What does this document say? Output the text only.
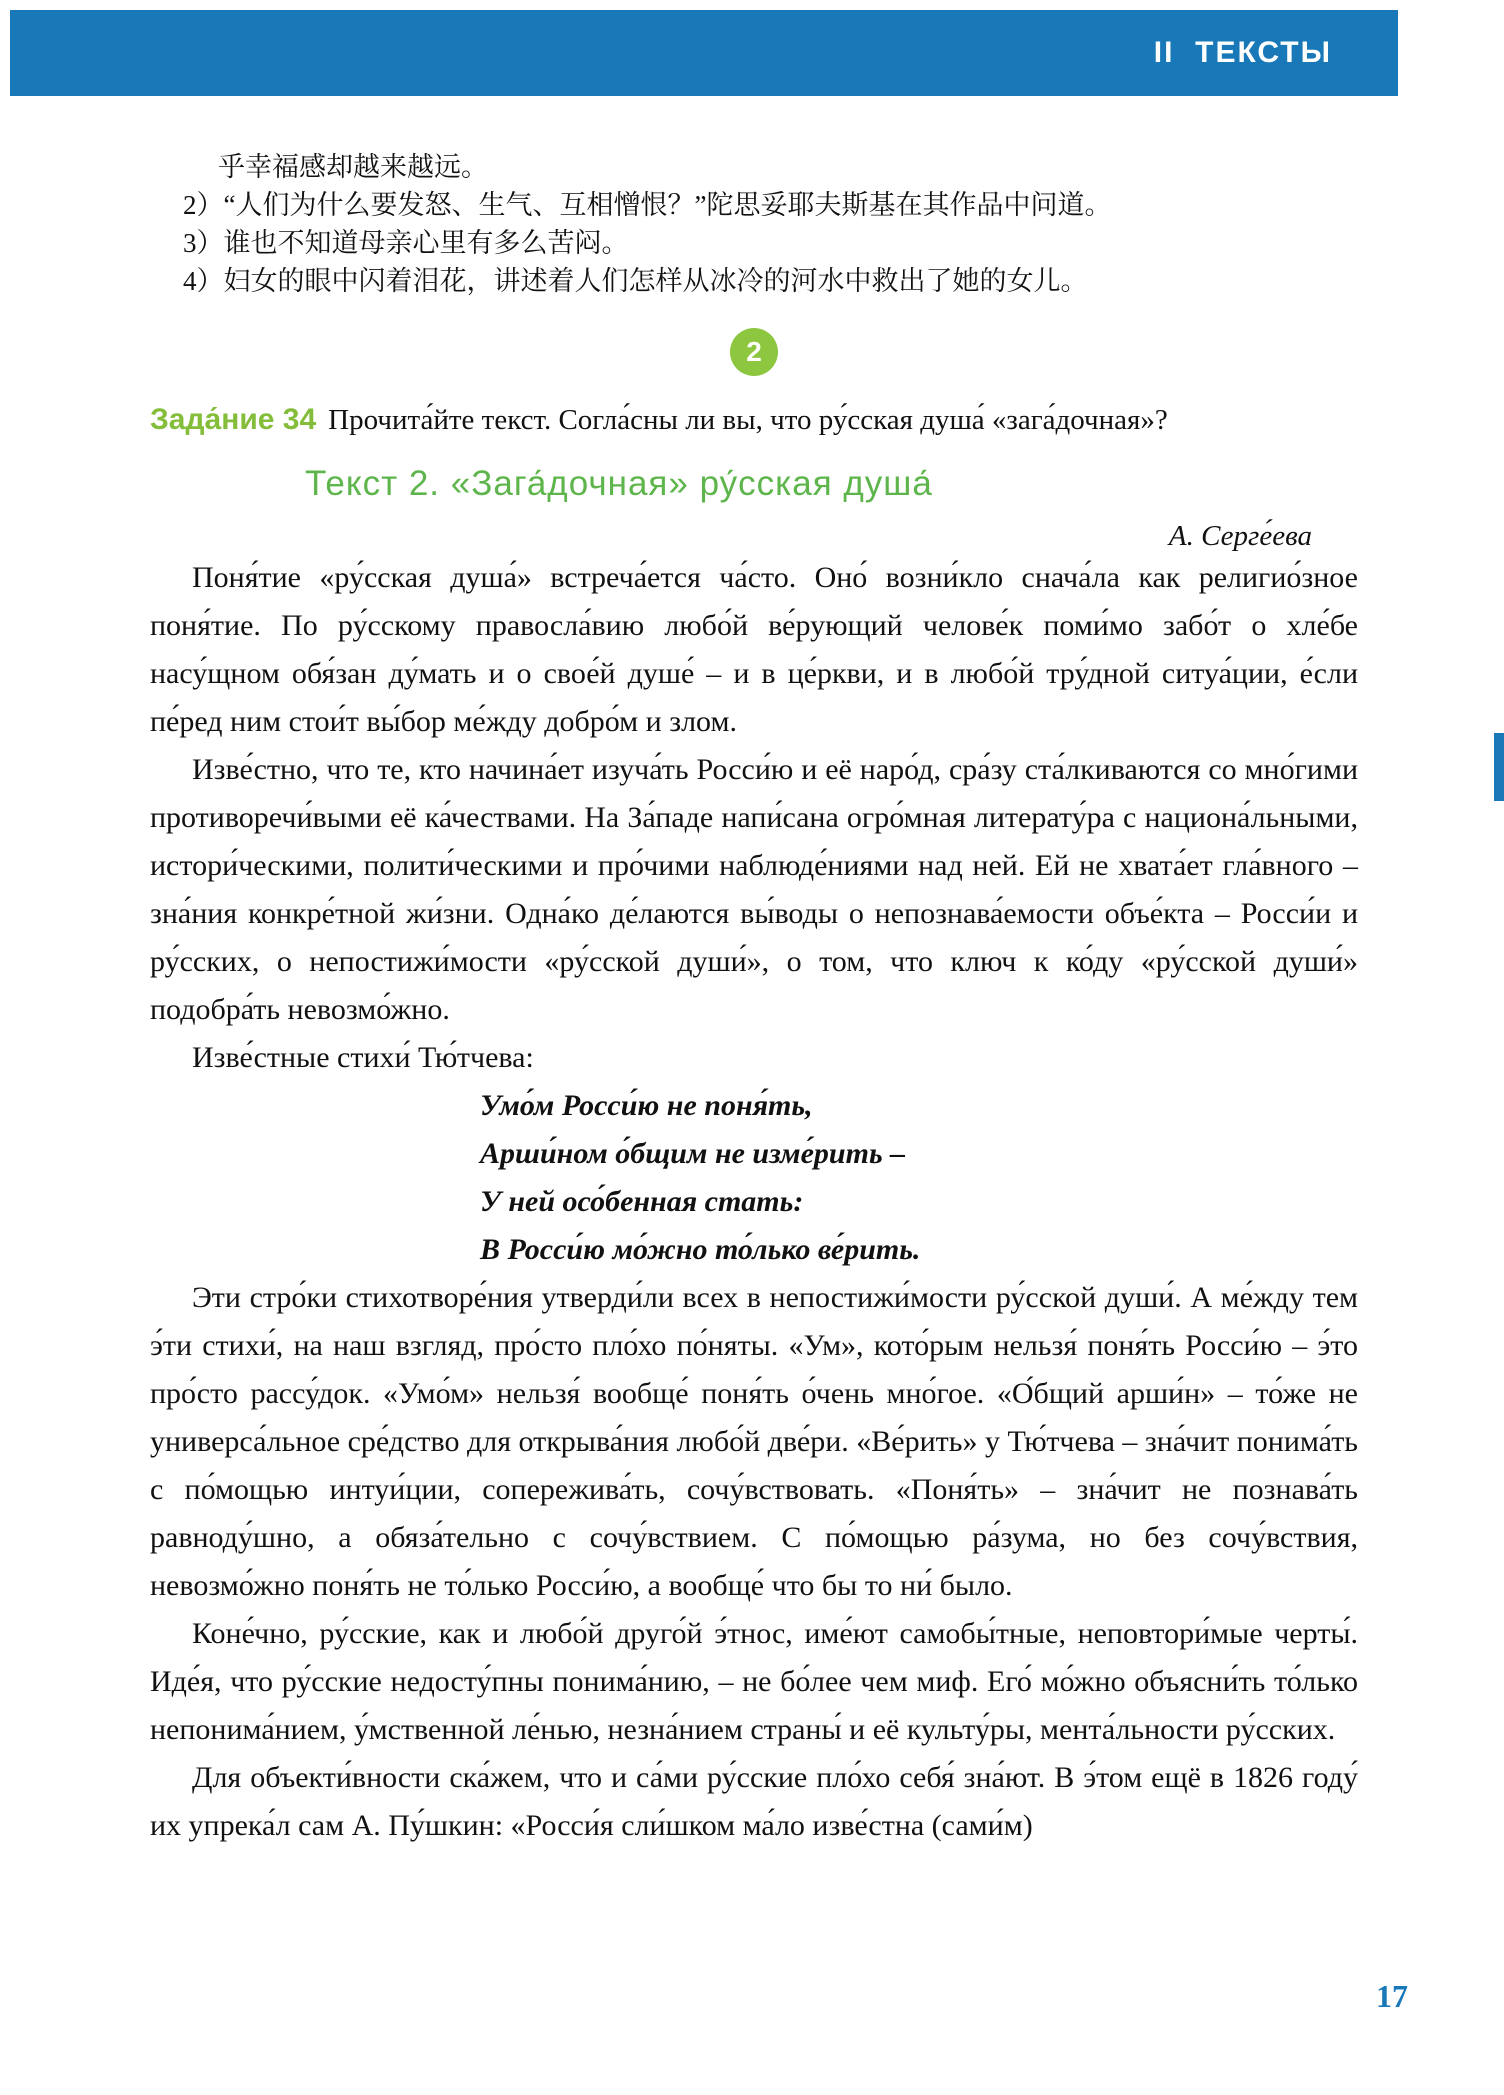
II  ТЕКСТЫ
乎幸福感却越来越远。
2）“人们为什么要发怒、生气、互相憎恨？”陀思妥耶夫斯基在其作品中问道。
3）谁也不知道母亲心里有多么苦闷。
4）妇女的眼中闪着泪花，讲述着人们怎样从冰冷的河水中救出了她的女儿。
2

Зада́ние 34 Прочита́йте текст. Согла́сны ли вы, что ру́сская душа́ «зага́дочная»?

Текст 2. «Зага́дочная» ру́сская душа́
А. Серге́ева

Поня́тие «ру́сская душа́» встреча́ется ча́сто. Оно́ возни́кло снача́ла как религио́зное поня́тие. По ру́сскому правосла́вию любо́й ве́рующий челове́к поми́мо забо́т о хле́бе насу́щном обя́зан ду́мать и о свое́й душе́ – и в це́ркви, и в любо́й тру́дной ситуа́ции, е́сли пе́ред ним стои́т вы́бор ме́жду добро́м и злом.

Изве́стно, что те, кто начина́ет изуча́ть Росси́ю и её наро́д, сра́зу ста́лкиваются со мно́гими противоречи́выми её ка́чествами. На За́паде напи́сана огро́мная литерату́ра с национа́льными, истори́ческими, полити́ческими и про́чими наблюде́ниями над ней. Ей не хвата́ет гла́вного – зна́ния конкре́тной жи́зни. Одна́ко де́лаются вы́воды о непознава́емости объе́кта – Росси́и и ру́сских, о непостижи́мости «ру́сской души́», о том, что ключ к ко́ду «ру́сской души́» подобра́ть невозмо́жно.

Изве́стные стихи́ Тю́тчева:

Умо́м Росси́ю не поня́ть,
Арши́ном о́бщим не изме́рить –
У ней осо́бенная стать:
В Росси́ю мо́жно то́лько ве́рить.

Эти стро́ки стихотворе́ния утверди́ли всех в непостижи́мости ру́сской души́. А ме́жду тем э́ти стихи́, на наш взгляд, про́сто пло́хо по́няты. «Ум», кото́рым нельзя́ поня́ть Росси́ю – э́то про́сто рассу́док. «Умо́м» нельзя́ вообще́ поня́ть о́чень мно́гое. «О́бщий арши́н» – то́же не универса́льное сре́дство для открыва́ния любо́й две́ри. «Ве́рить» у Тю́тчева – зна́чит понима́ть с по́мощью интуи́ции, сопережива́ть, сочу́вствовать. «Поня́ть» – зна́чит не познава́ть равноду́шно, а обяза́тельно с сочу́вствием. С по́мощью ра́зума, но без сочу́вствия, невозмо́жно поня́ть не то́лько Росси́ю, а вообще́ что бы то ни́ было.

Коне́чно, ру́сские, как и любо́й друго́й э́тнос, име́ют самобы́тные, неповтори́мые черты́. Иде́я, что ру́сские недосту́пны понима́нию, – не бо́лее чем миф. Его́ мо́жно объясни́ть то́лько непонима́нием, у́мственной ле́нью, незна́нием страны́ и её культу́ры, мента́льности ру́сских.

Для объекти́вности ска́жем, что и са́ми ру́сские пло́хо себя́ зна́ют. В э́том ещё в 1826 году́ их упрека́л сам А. Пу́шкин: «Росси́я сли́шком ма́ло изве́стна (сами́м)

17
